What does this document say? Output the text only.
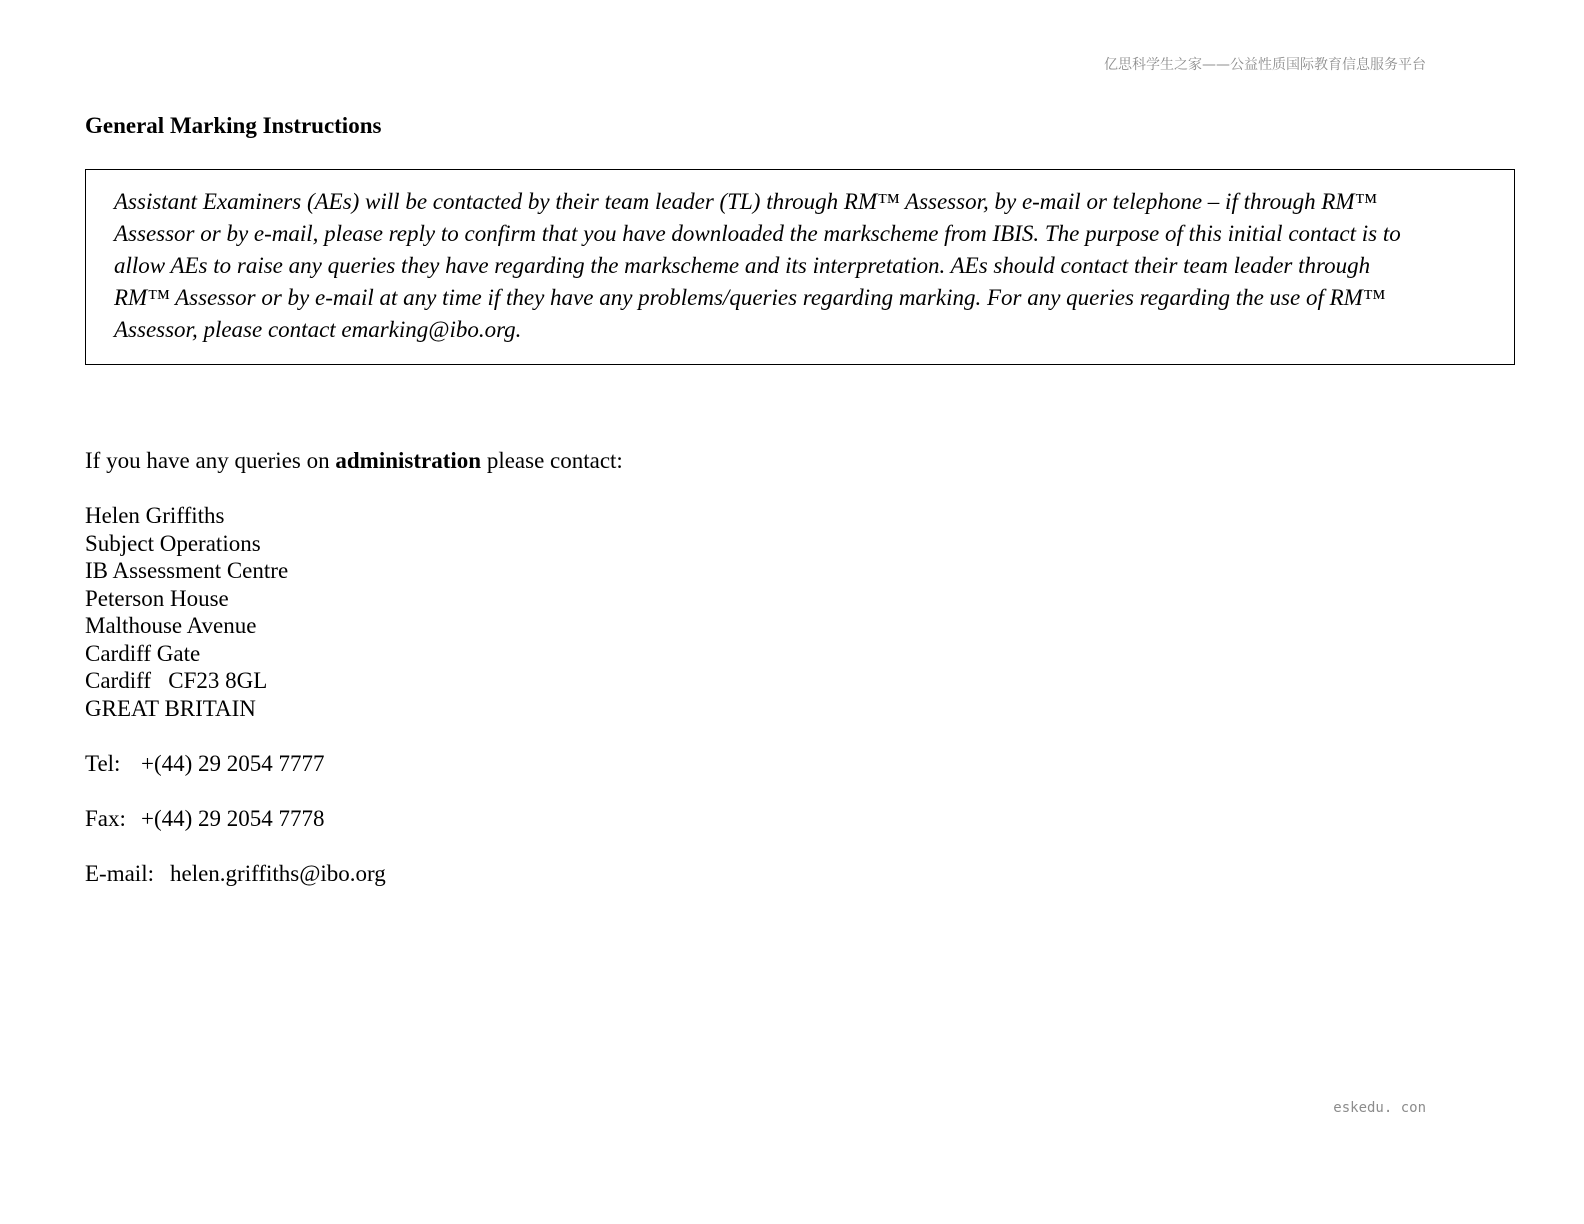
亿思科学生之家——公益性质国际教育信息服务平台
General Marking Instructions
Assistant Examiners (AEs) will be contacted by their team leader (TL) through RM™ Assessor, by e-mail or telephone – if through RM™
Assessor or by e-mail, please reply to confirm that you have downloaded the markscheme from IBIS. The purpose of this initial contact is to
allow AEs to raise any queries they have regarding the markscheme and its interpretation. AEs should contact their team leader through
RM™ Assessor or by e-mail at any time if they have any problems/queries regarding marking. For any queries regarding the use of RM™
Assessor, please contact emarking@ibo.org.
If you have any queries on administration please contact:
Helen Griffiths
Subject Operations
IB Assessment Centre
Peterson House
Malthouse Avenue
Cardiff Gate
Cardiff   CF23 8GL
GREAT BRITAIN
Tel: +(44) 29 2054 7777
Fax: +(44) 29 2054 7778
E-mail: helen.griffiths@ibo.org
eskedu. con
